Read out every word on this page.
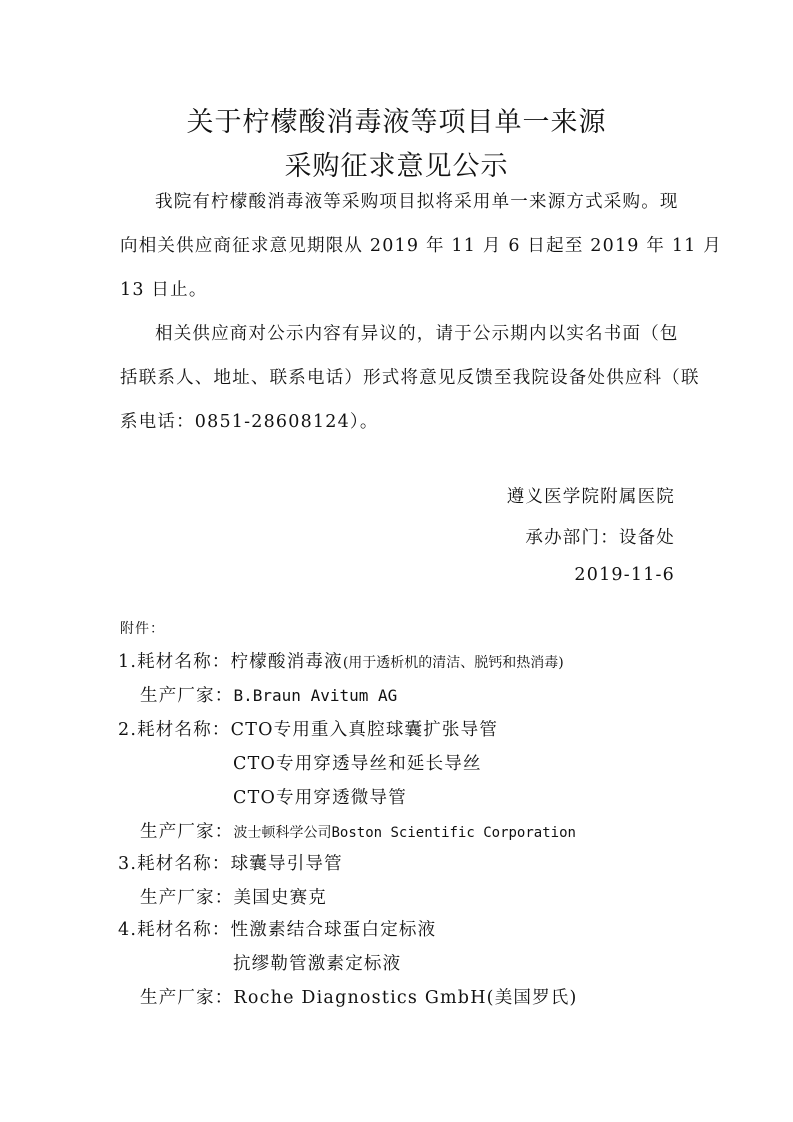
关于柠檬酸消毒液等项目单一来源
采购征求意见公示
我院有柠檬酸消毒液等采购项目拟将采用单一来源方式采购。现
向相关供应商征求意见期限从 2019 年 11 月 6 日起至 2019 年 11 月
13 日止。
相关供应商对公示内容有异议的，请于公示期内以实名书面（包
括联系人、地址、联系电话）形式将意见反馈至我院设备处供应科（联
系电话：0851-28608124）。
遵义医学院附属医院
承办部门：设备处
2019-11-6
附件：
1.耗材名称：柠檬酸消毒液(用于透析机的清洁、脱钙和热消毒)
生产厂家：B.Braun Avitum AG
2.耗材名称：CTO专用重入真腔球囊扩张导管
CTO专用穿透导丝和延长导丝
CTO专用穿透微导管
生产厂家：波士顿科学公司Boston Scientific Corporation
3.耗材名称：球囊导引导管
生产厂家：美国史赛克
4.耗材名称：性激素结合球蛋白定标液
抗缪勒管激素定标液
生产厂家：Roche Diagnostics GmbH(美国罗氏)
